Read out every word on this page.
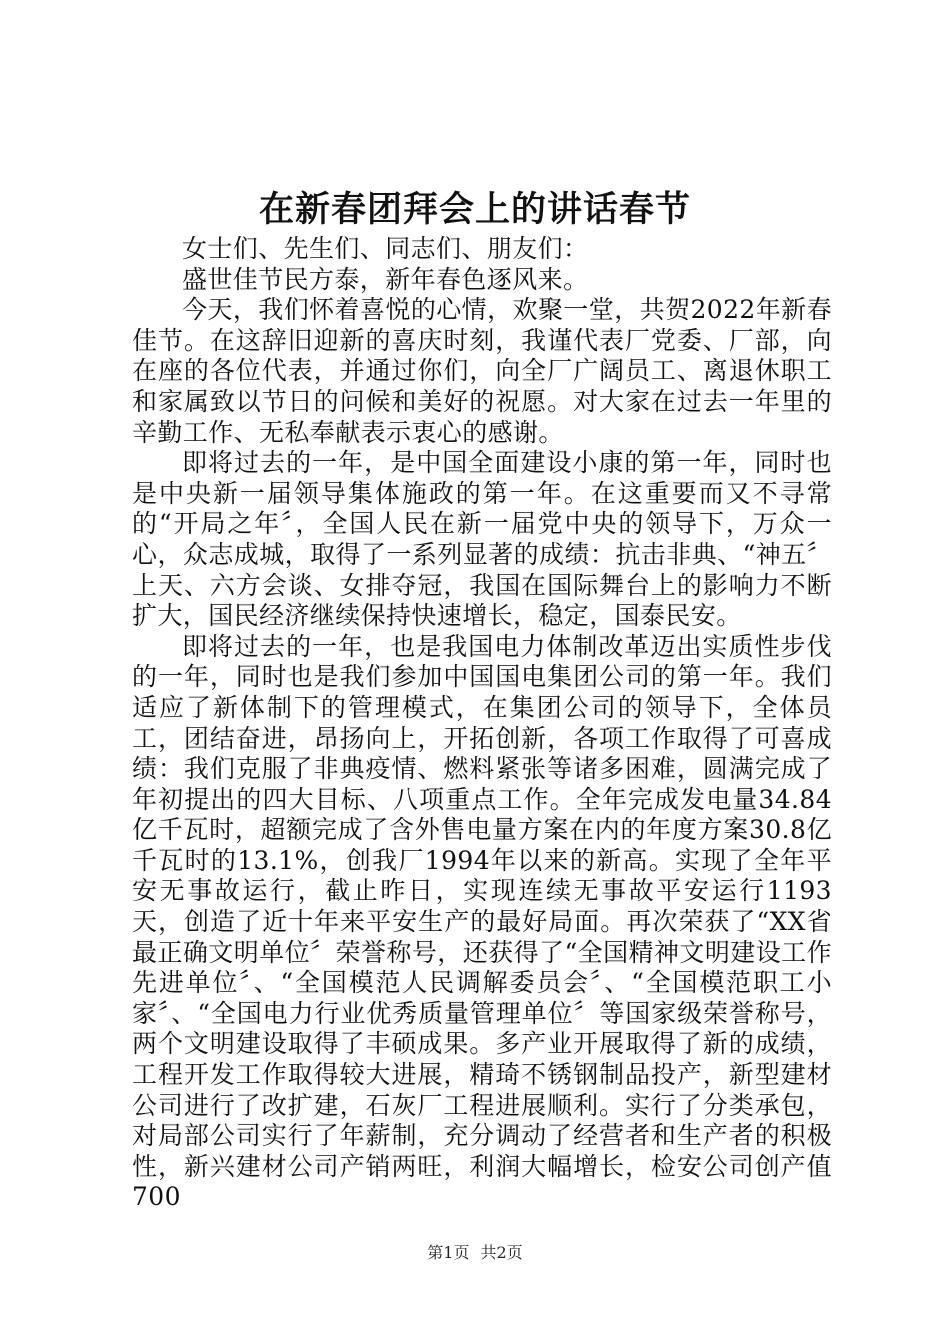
在新春团拜会上的讲话春节

女士们、先生们、同志们、朋友们：

盛世佳节民方泰，新年春色逐风来。

今天，我们怀着喜悦的心情，欢聚一堂，共贺2022年新春佳节。在这辞旧迎新的喜庆时刻，我谨代表厂党委、厂部，向在座的各位代表，并通过你们，向全厂广阔员工、离退休职工和家属致以节日的问候和美好的祝愿。对大家在过去一年里的辛勤工作、无私奉献表示衷心的感谢。

即将过去的一年，是中国全面建设小康的第一年，同时也是中央新一届领导集体施政的第一年。在这重要而又不寻常的“开局之年〞，全国人民在新一届党中央的领导下，万众一心，众志成城，取得了一系列显著的成绩：抗击非典、“神五〞上天、六方会谈、女排夺冠，我国在国际舞台上的影响力不断扩大，国民经济继续保持快速增长，稳定，国泰民安。

即将过去的一年，也是我国电力体制改革迈出实质性步伐的一年，同时也是我们参加中国国电集团公司的第一年。我们适应了新体制下的管理模式，在集团公司的领导下，全体员工，团结奋进，昂扬向上，开拓创新，各项工作取得了可喜成绩：我们克服了非典疫情、燃料紧张等诸多困难，圆满完成了年初提出的四大目标、八项重点工作。全年完成发电量34.84亿千瓦时，超额完成了含外售电量方案在内的年度方案30.8亿千瓦时的13.1%，创我厂1994年以来的新高。实现了全年平安无事故运行，截止昨日，实现连续无事故平安运行1193天，创造了近十年来平安生产的最好局面。再次荣获了“XX省最正确文明单位〞荣誉称号，还获得了“全国精神文明建设工作先进单位〞、“全国模范人民调解委员会〞、“全国模范职工小家〞、“全国电力行业优秀质量管理单位〞等国家级荣誉称号，两个文明建设取得了丰硕成果。多产业开展取得了新的成绩，工程开发工作取得较大进展，精琦不锈钢制品投产，新型建材公司进行了改扩建，石灰厂工程进展顺利。实行了分类承包，对局部公司实行了年薪制，充分调动了经营者和生产者的积极性，新兴建材公司产销两旺，利润大幅增长，检安公司创产值700

第1页 共2页
